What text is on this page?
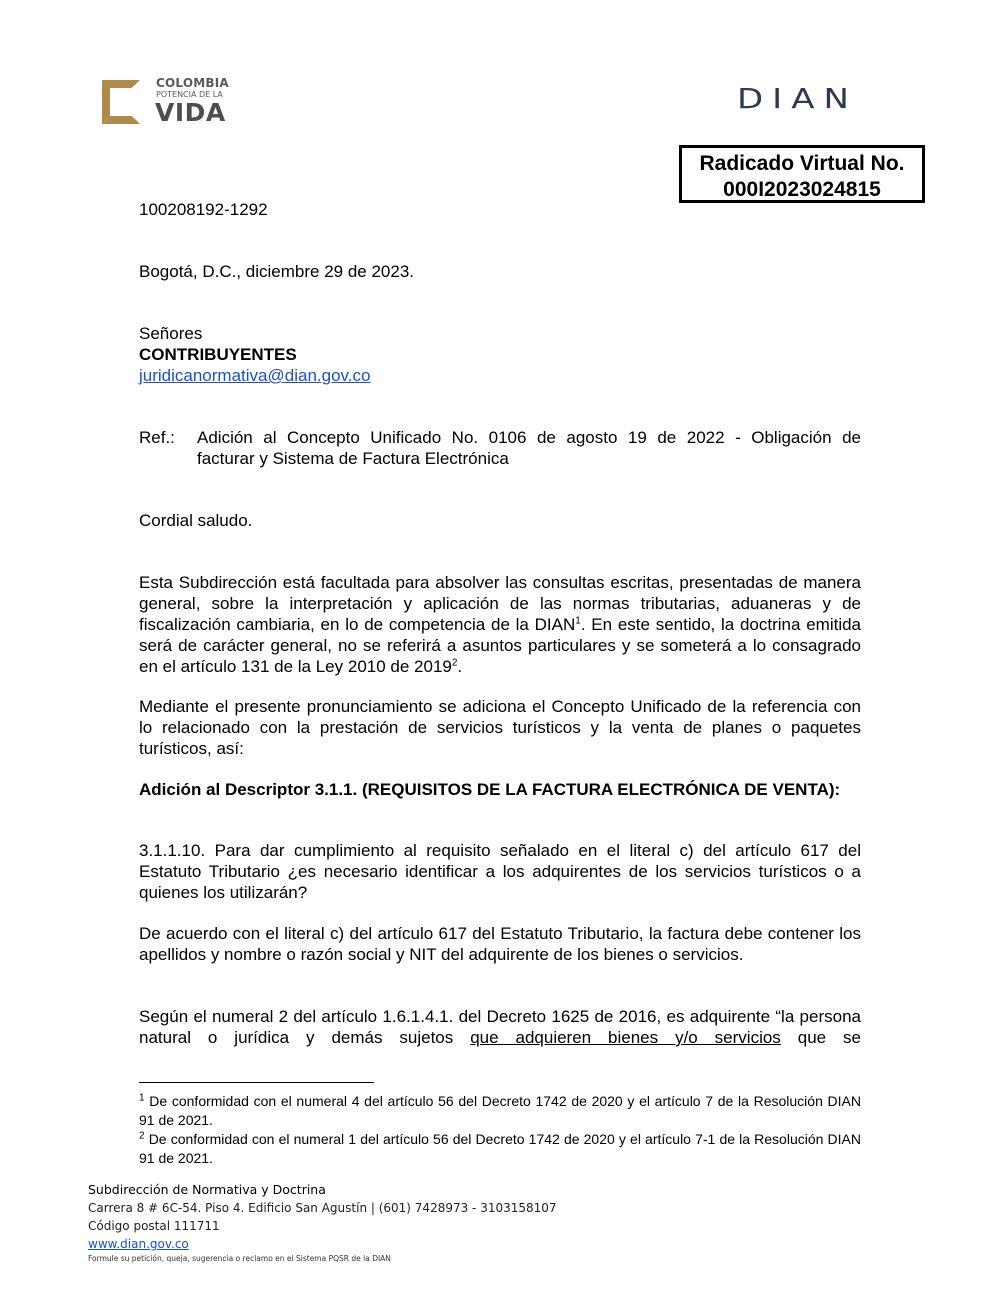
COLOMBIA
POTENCIA DE LA
VIDA	DIAN
Radicado Virtual No.
000I2023024815
100208192-1292
Bogotá, D.C., diciembre 29 de 2023.
Señores
CONTRIBUYENTES
juridicanormativa@dian.gov.co
Ref.: Adición al Concepto Unificado No. 0106 de agosto 19 de 2022 - Obligación de
facturar y Sistema de Factura Electrónica
Cordial saludo.
Esta Subdirección está facultada para absolver las consultas escritas, presentadas de manera general, sobre la interpretación y aplicación de las normas tributarias, aduaneras y de fiscalización cambiaria, en lo de competencia de la DIAN$^1$. En este sentido, la doctrina emitida será de carácter general, no se referirá a asuntos particulares y se someterá a lo consagrado en el artículo 131 de la Ley 2010 de 2019$^2$.
Mediante el presente pronunciamiento se adiciona el Concepto Unificado de la referencia con lo relacionado con la prestación de servicios turísticos y la venta de planes o paquetes turísticos, así:
Adición al Descriptor 3.1.1. (REQUISITOS DE LA FACTURA ELECTRÓNICA DE VENTA):
3.1.1.10. Para dar cumplimiento al requisito señalado en el literal c) del artículo 617 del Estatuto Tributario ¿es necesario identificar a los adquirentes de los servicios turísticos o a quienes los utilizarán?
De acuerdo con el literal c) del artículo 617 del Estatuto Tributario, la factura debe contener los apellidos y nombre o razón social y NIT del adquirente de los bienes o servicios.
Según el numeral 2 del artículo 1.6.1.4.1. del Decreto 1625 de 2016, es adquirente “la persona natural o jurídica y demás sujetos que adquieren bienes y/o servicios que se
$^1$ De conformidad con el numeral 4 del artículo 56 del Decreto 1742 de 2020 y el artículo 7 de la Resolución DIAN 91 de 2021.
$^2$ De conformidad con el numeral 1 del artículo 56 del Decreto 1742 de 2020 y el artículo 7-1 de la Resolución DIAN 91 de 2021.
Subdirección de Normativa y Doctrina
Carrera 8 # 6C-54. Piso 4. Edificio San Agustín | (601) 7428973 - 3103158107
Código postal 111711
www.dian.gov.co
Formule su petición, queja, sugerencia o reclamo en el Sistema PQSR de la DIAN
